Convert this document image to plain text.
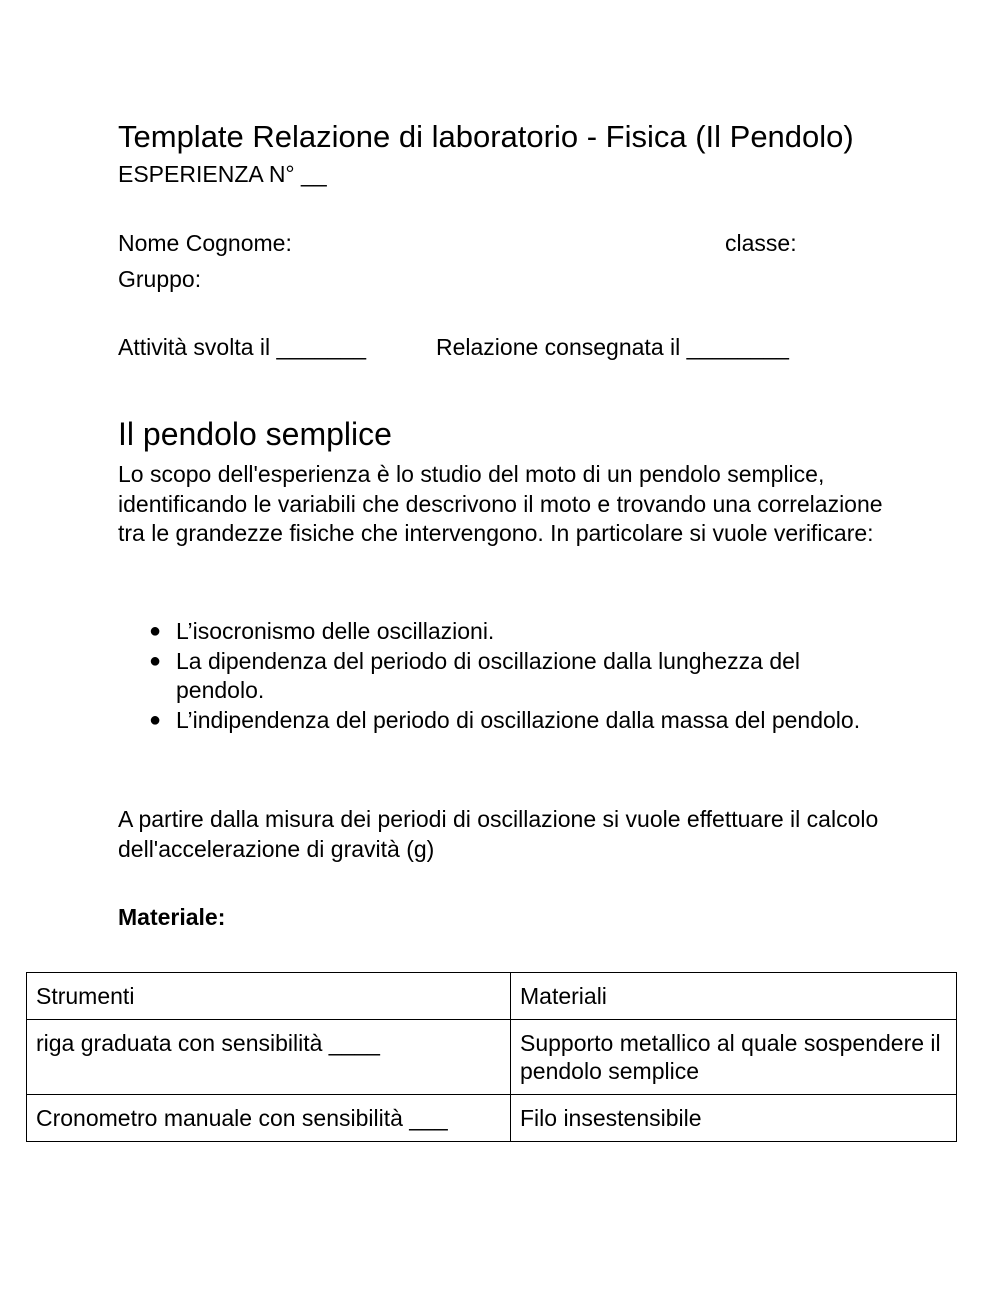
Template Relazione di laboratorio - Fisica (Il Pendolo)

ESPERIENZA N° __

Nome Cognome:	classe:

Gruppo:

Attività svolta il _______	Relazione consegnata il ________

Il pendolo semplice

Lo scopo dell'esperienza è lo studio del moto di un pendolo semplice, identificando le variabili che descrivono il moto e trovando una correlazione tra le grandezze fisiche che intervengono. In particolare si vuole verificare:

● L’isocronismo delle oscillazioni.
● La dipendenza del periodo di oscillazione dalla lunghezza del pendolo.
● L’indipendenza del periodo di oscillazione dalla massa del pendolo.

A partire dalla misura dei periodi di oscillazione si vuole effettuare il calcolo dell'accelerazione di gravità (g)

Materiale:

Strumenti	Materiali
riga graduata con sensibilità ____	Supporto metallico al quale sospendere il pendolo semplice
Cronometro manuale con sensibilità ___	Filo insestensibile
